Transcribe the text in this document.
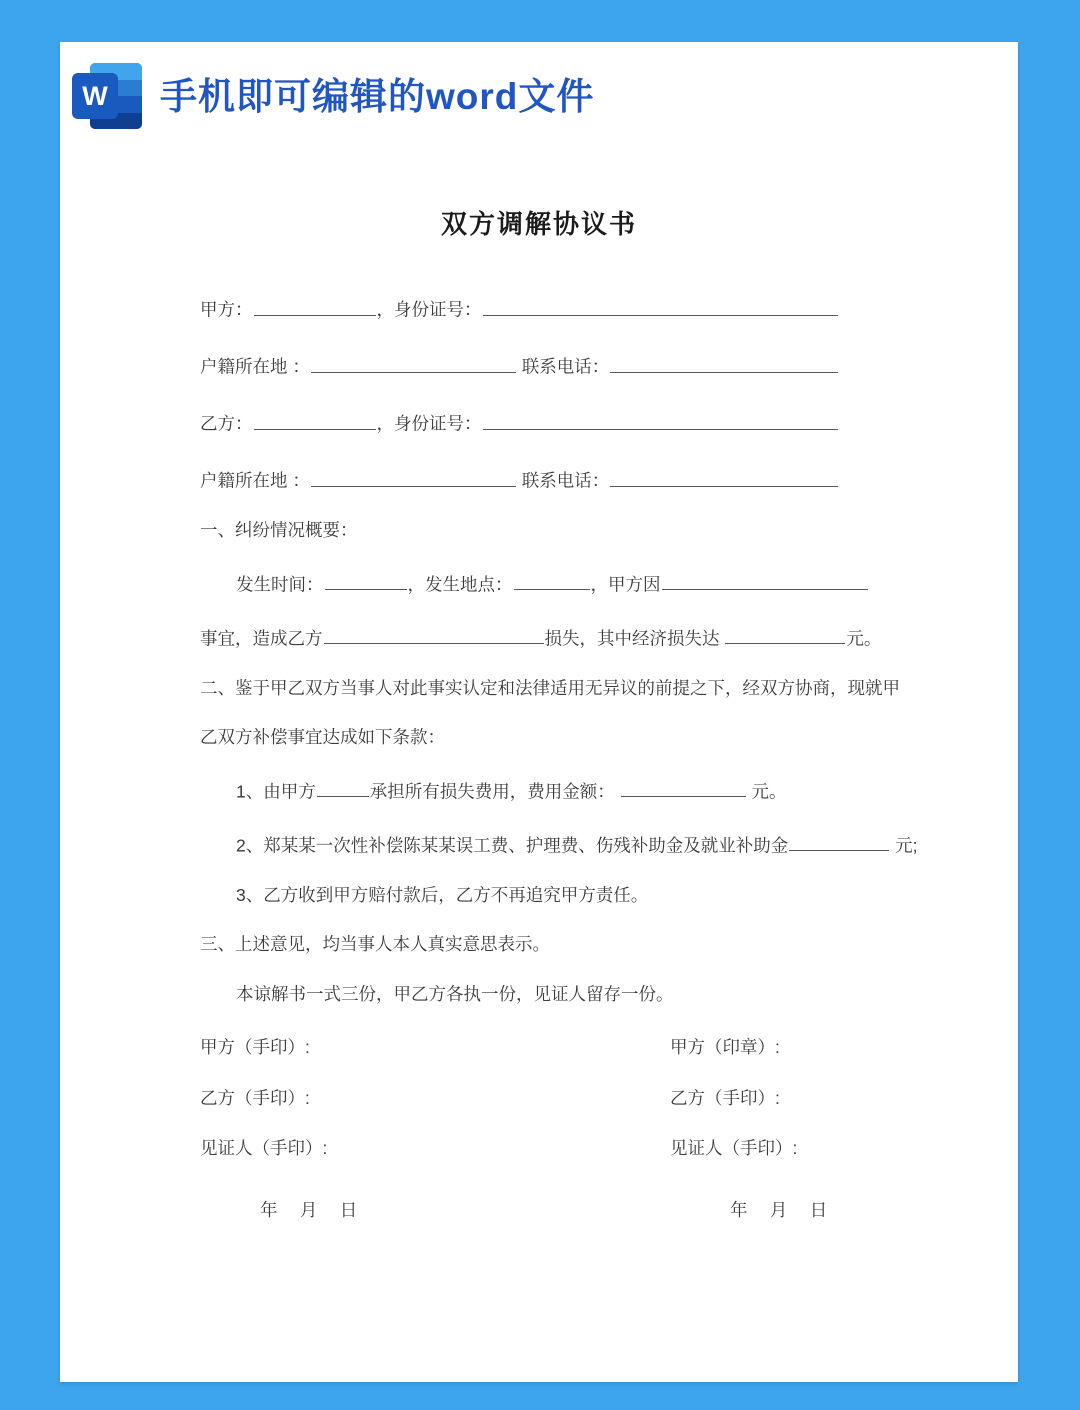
W 手机即可编辑的word文件
双方调解协议书
甲方：	，身份证号：
户籍所在地 ：	联系电话：
乙方：	，身份证号：
户籍所在地 ：	联系电话：
一、纠纷情况概要：
发生时间：	，发生地点：	，甲方因
事宜，造成乙方	损失，其中经济损失达	元。
二、鉴于甲乙双方当事人对此事实认定和法律适用无异议的前提之下，经双方协商，现就甲
乙双方补偿事宜达成如下条款：
1、由甲方	承担所有损失费用，费用金额：	元。
2、郑某某一次性补偿陈某某误工费、护理费、伤残补助金及就业补助金	元;
3、乙方收到甲方赔付款后，乙方不再追究甲方责任。
三、上述意见，均当事人本人真实意思表示。
本谅解书一式三份，甲乙方各执一份，见证人留存一份。
甲方（手印）:	甲方（印章）:
乙方（手印）:	乙方（手印）:
见证人（手印）:	见证人（手印）:
年 月 日	年 月 日
